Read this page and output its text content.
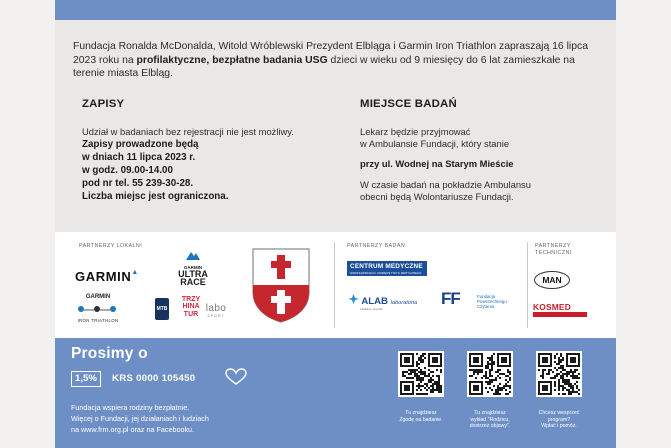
Fundacja Ronalda McDonalda, Witold Wróblewski Prezydent Elbląga i Garmin Iron Triathlon zapraszają 16 lipca 2023 roku na profilaktyczne, bezpłatne badania USG dzieci w wieku od 9 miesięcy do 6 lat zamieszkałe na terenie miasta Elbląg.

ZAPISY	MIEJSCE BADAŃ
Udział w badaniach bez rejestracji nie jest możliwy.
Zapisy prowadzone będą
w dniach 11 lipca 2023 r.
w godz. 09.00-14.00
pod nr tel. 55 239-30-28.
Liczba miejsc jest ograniczona.
Lekarz będzie przyjmować
w Ambulansie Fundacji, który stanie
przy ul. Wodnej na Starym Mieście
W czasie badań na pokładzie Ambulansu
obecni będą Wolontariusze Fundacji.
PARTNERZY LOKALNI	PARTNERZY BADAŃ	PARTNERZY TECHNICZNI
GARMIN▲
GARMIN
ULTRA
RACE
GARMIN
IRON TRIATHLON
MTB
TRZY
HINA
TUR
labo
SPORT
CENTRUM MEDYCZNE
WARSZAWSKIEGO UNIWERSYTETU MEDYCZNEGO
ALAB laboratoria
zaufane wyniki
FF	Fundacja
Powszechnego
Czytania
MAN
KOSMED
Prosimy o
1,5%	KRS 0000 105450
Fundacja wspiera rodziny bezpłatnie.
Więcej o Fundacji, jej działaniach i ludziach
na www.frm.org.pl oraz na Facebooku.
Tu znajdziesz
Zgodę na badanie.
Tu znajdziesz
wykład "Rodzicu,
dostrzeż objawy".
Chcesz wesprzeć
program?
Wpłać i pomóż.
